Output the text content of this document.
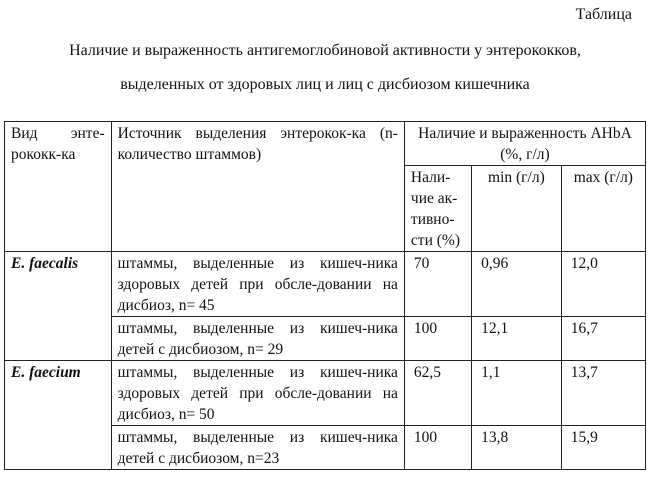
Таблица
Наличие и выраженность антигемоглобиновой активности у энтерококков,
выделенных от здоровых лиц и лиц с дисбиозом кишечника
Вид энте-рококк-ка	Источник выделения энтерокок-ка (n- количество штаммов)	Наличие и выраженность АНbА (%, г/л)		
		Нали-чие ак-тивно-сти (%)	min (г/л)	max (г/л)
E. faecalis	штаммы, выделенные из кишеч-ника здоровых детей при обсле-довании на дисбиоз, n= 45	70	0,96	12,0
	штаммы, выделенные из кишеч-ника детей с дисбиозом, n= 29	100	12,1	16,7
E. faecium	штаммы, выделенные из кишеч-ника здоровых детей при обсле-довании на дисбиоз, n= 50	62,5	1,1	13,7
	штаммы, выделенные из кишеч-ника детей с дисбиозом, n=23	100	13,8	15,9
